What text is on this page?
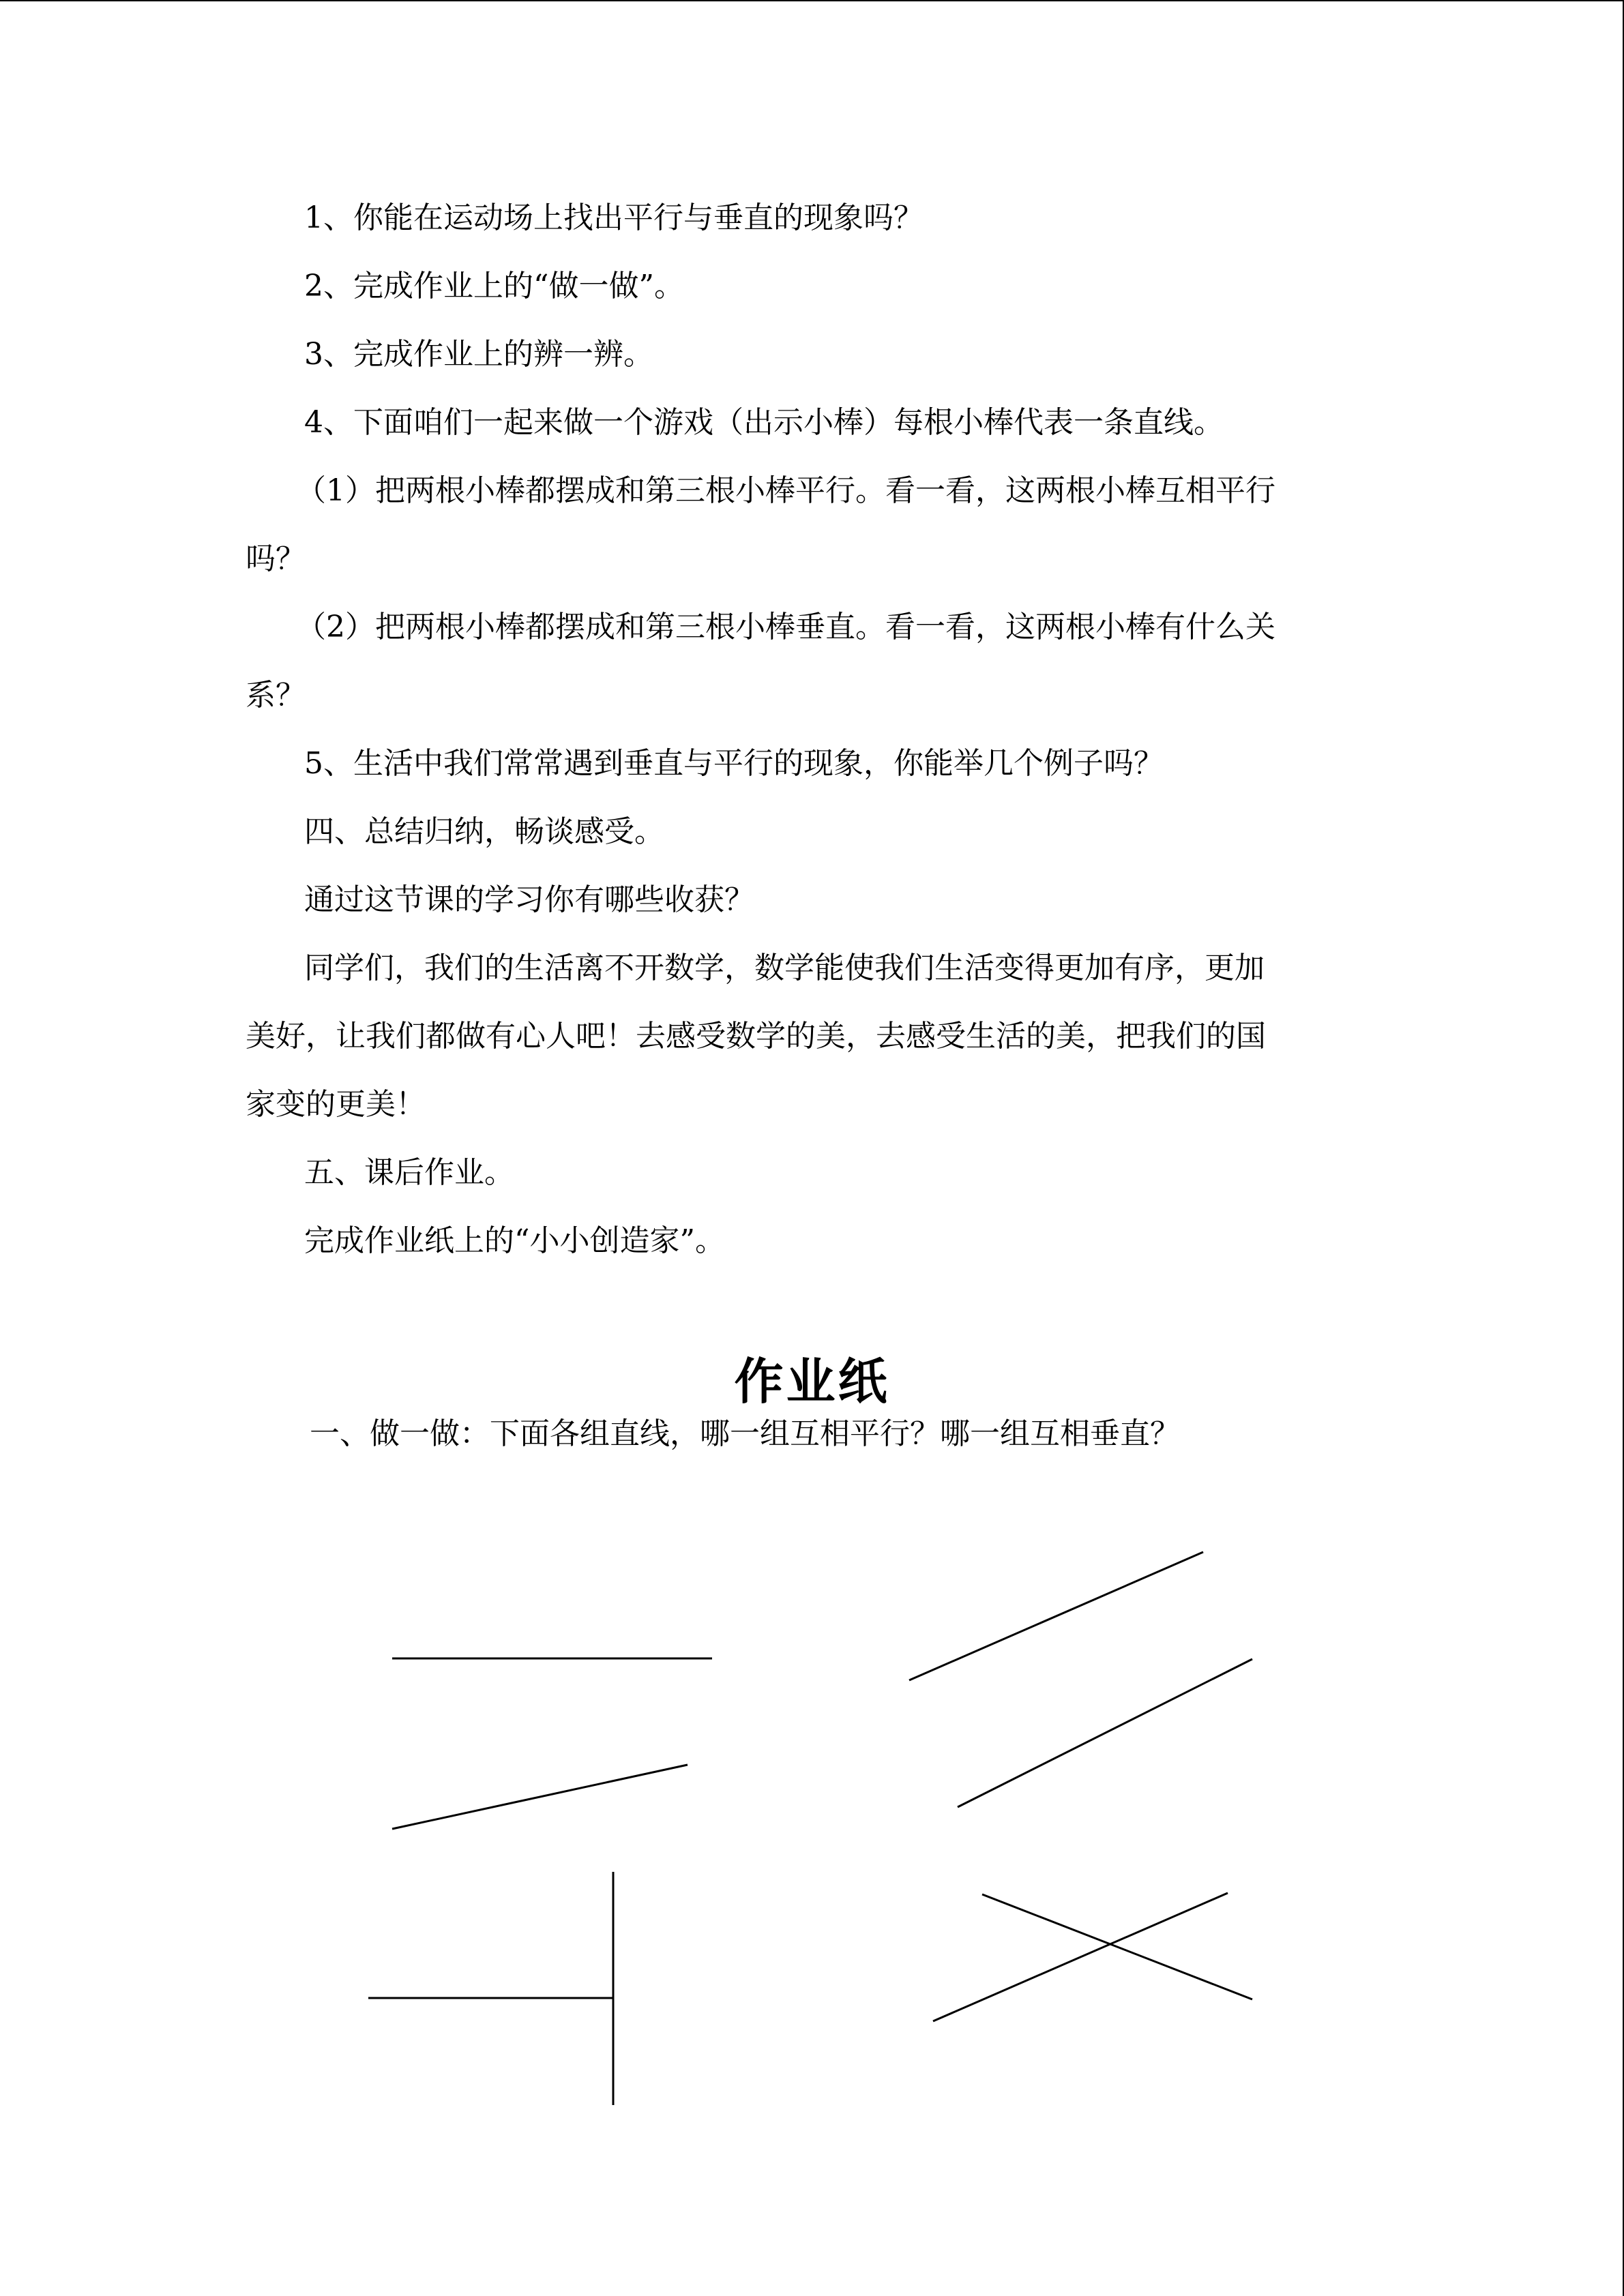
1、你能在运动场上找出平行与垂直的现象吗？

2、完成作业上的“做一做”。

3、完成作业上的辨一辨。

4、下面咱们一起来做一个游戏（出示小棒）每根小棒代表一条直线。

（1）把两根小棒都摆成和第三根小棒平行。看一看，这两根小棒互相平行

吗？

（2）把两根小棒都摆成和第三根小棒垂直。看一看，这两根小棒有什么关

系？

5、生活中我们常常遇到垂直与平行的现象，你能举几个例子吗？

四、总结归纳，畅谈感受。

通过这节课的学习你有哪些收获？

同学们，我们的生活离不开数学，数学能使我们生活变得更加有序，更加

美好，让我们都做有心人吧！去感受数学的美，去感受生活的美，把我们的国

家变的更美！

五、课后作业。

完成作业纸上的“小小创造家”。

作业纸
一、做一做：下面各组直线，哪一组互相平行？哪一组互相垂直？
